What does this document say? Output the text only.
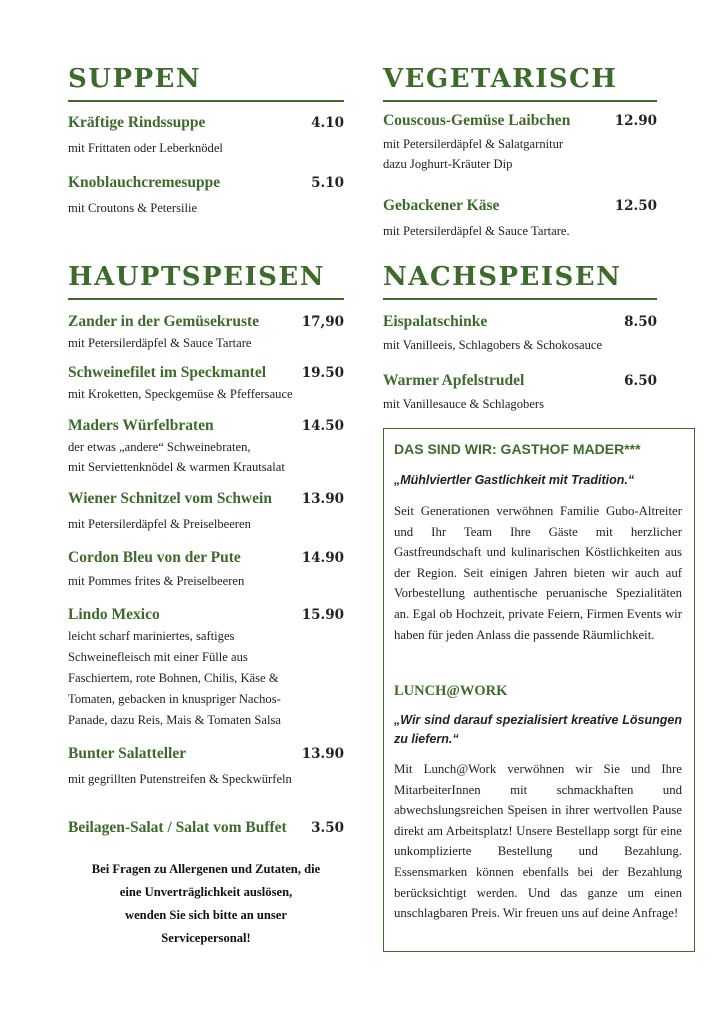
SUPPEN
Kräftige Rindssuppe	4.10
mit Frittaten oder Leberknödel
Knoblauchcremesuppe	5.10
mit Croutons & Petersilie
HAUPTSPEISEN
Zander in der Gemüsekruste	17,90
mit Petersilerdäpfel & Sauce Tartare
Schweinefilet im Speckmantel	19.50
mit Kroketten, Speckgemüse & Pfeffersauce
Maders Würfelbraten	14.50
der etwas „andere“ Schweinebraten,
mit Serviettenknödel & warmen Krautsalat
Wiener Schnitzel vom Schwein 13.90
mit Petersilerdäpfel & Preiselbeeren
Cordon Bleu von der Pute	14.90
mit Pommes frites & Preiselbeeren
Lindo Mexico	15.90
leicht scharf mariniertes, saftiges
Schweinefleisch mit einer Fülle aus
Faschiertem, rote Bohnen, Chilis, Käse &
Tomaten, gebacken in knuspriger Nachos-
Panade, dazu Reis, Mais & Tomaten Salsa
Bunter Salatteller	13.90
mit gegrillten Putenstreifen & Speckwürfeln
Beilagen-Salat / Salat vom Buffet 3.50
Bei Fragen zu Allergenen und Zutaten, die
eine Unverträglichkeit auslösen,
wenden Sie sich bitte an unser
Servicepersonal!
VEGETARISCH
Couscous-Gemüse Laibchen	12.90
mit Petersilerdäpfel & Salatgarnitur
dazu Joghurt-Kräuter Dip
Gebackener Käse	12.50
mit Petersilerdäpfel & Sauce Tartare.
NACHSPEISEN
Eispalatschinke	8.50
mit Vanilleeis, Schlagobers & Schokosauce
Warmer Apfelstrudel	6.50
mit Vanillesauce & Schlagobers
DAS SIND WIR: GASTHOF MADER***
„Mühlviertler Gastlichkeit mit Tradition.“
Seit Generationen verwöhnen Familie Gubo-Altreiter und Ihr Team Ihre Gäste mit herzlicher Gastfreundschaft und kulinarischen Köstlichkeiten aus der Region. Seit einigen Jahren bieten wir auch auf Vorbestellung authentische peruanische Spezialitäten an. Egal ob Hochzeit, private Feiern, Firmen Events wir haben für jeden Anlass die passende Räumlichkeit.
LUNCH@WORK
„Wir sind darauf spezialisiert kreative Lösungen zu liefern.“
Mit Lunch@Work verwöhnen wir Sie und Ihre MitarbeiterInnen mit schmackhaften und abwechslungsreichen Speisen in ihrer wertvollen Pause direkt am Arbeitsplatz! Unsere Bestellapp sorgt für eine unkomplizierte Bestellung und Bezahlung. Essensmarken können ebenfalls bei der Bezahlung berücksichtigt werden. Und das ganze um einen unschlagbaren Preis. Wir freuen uns auf deine Anfrage!
